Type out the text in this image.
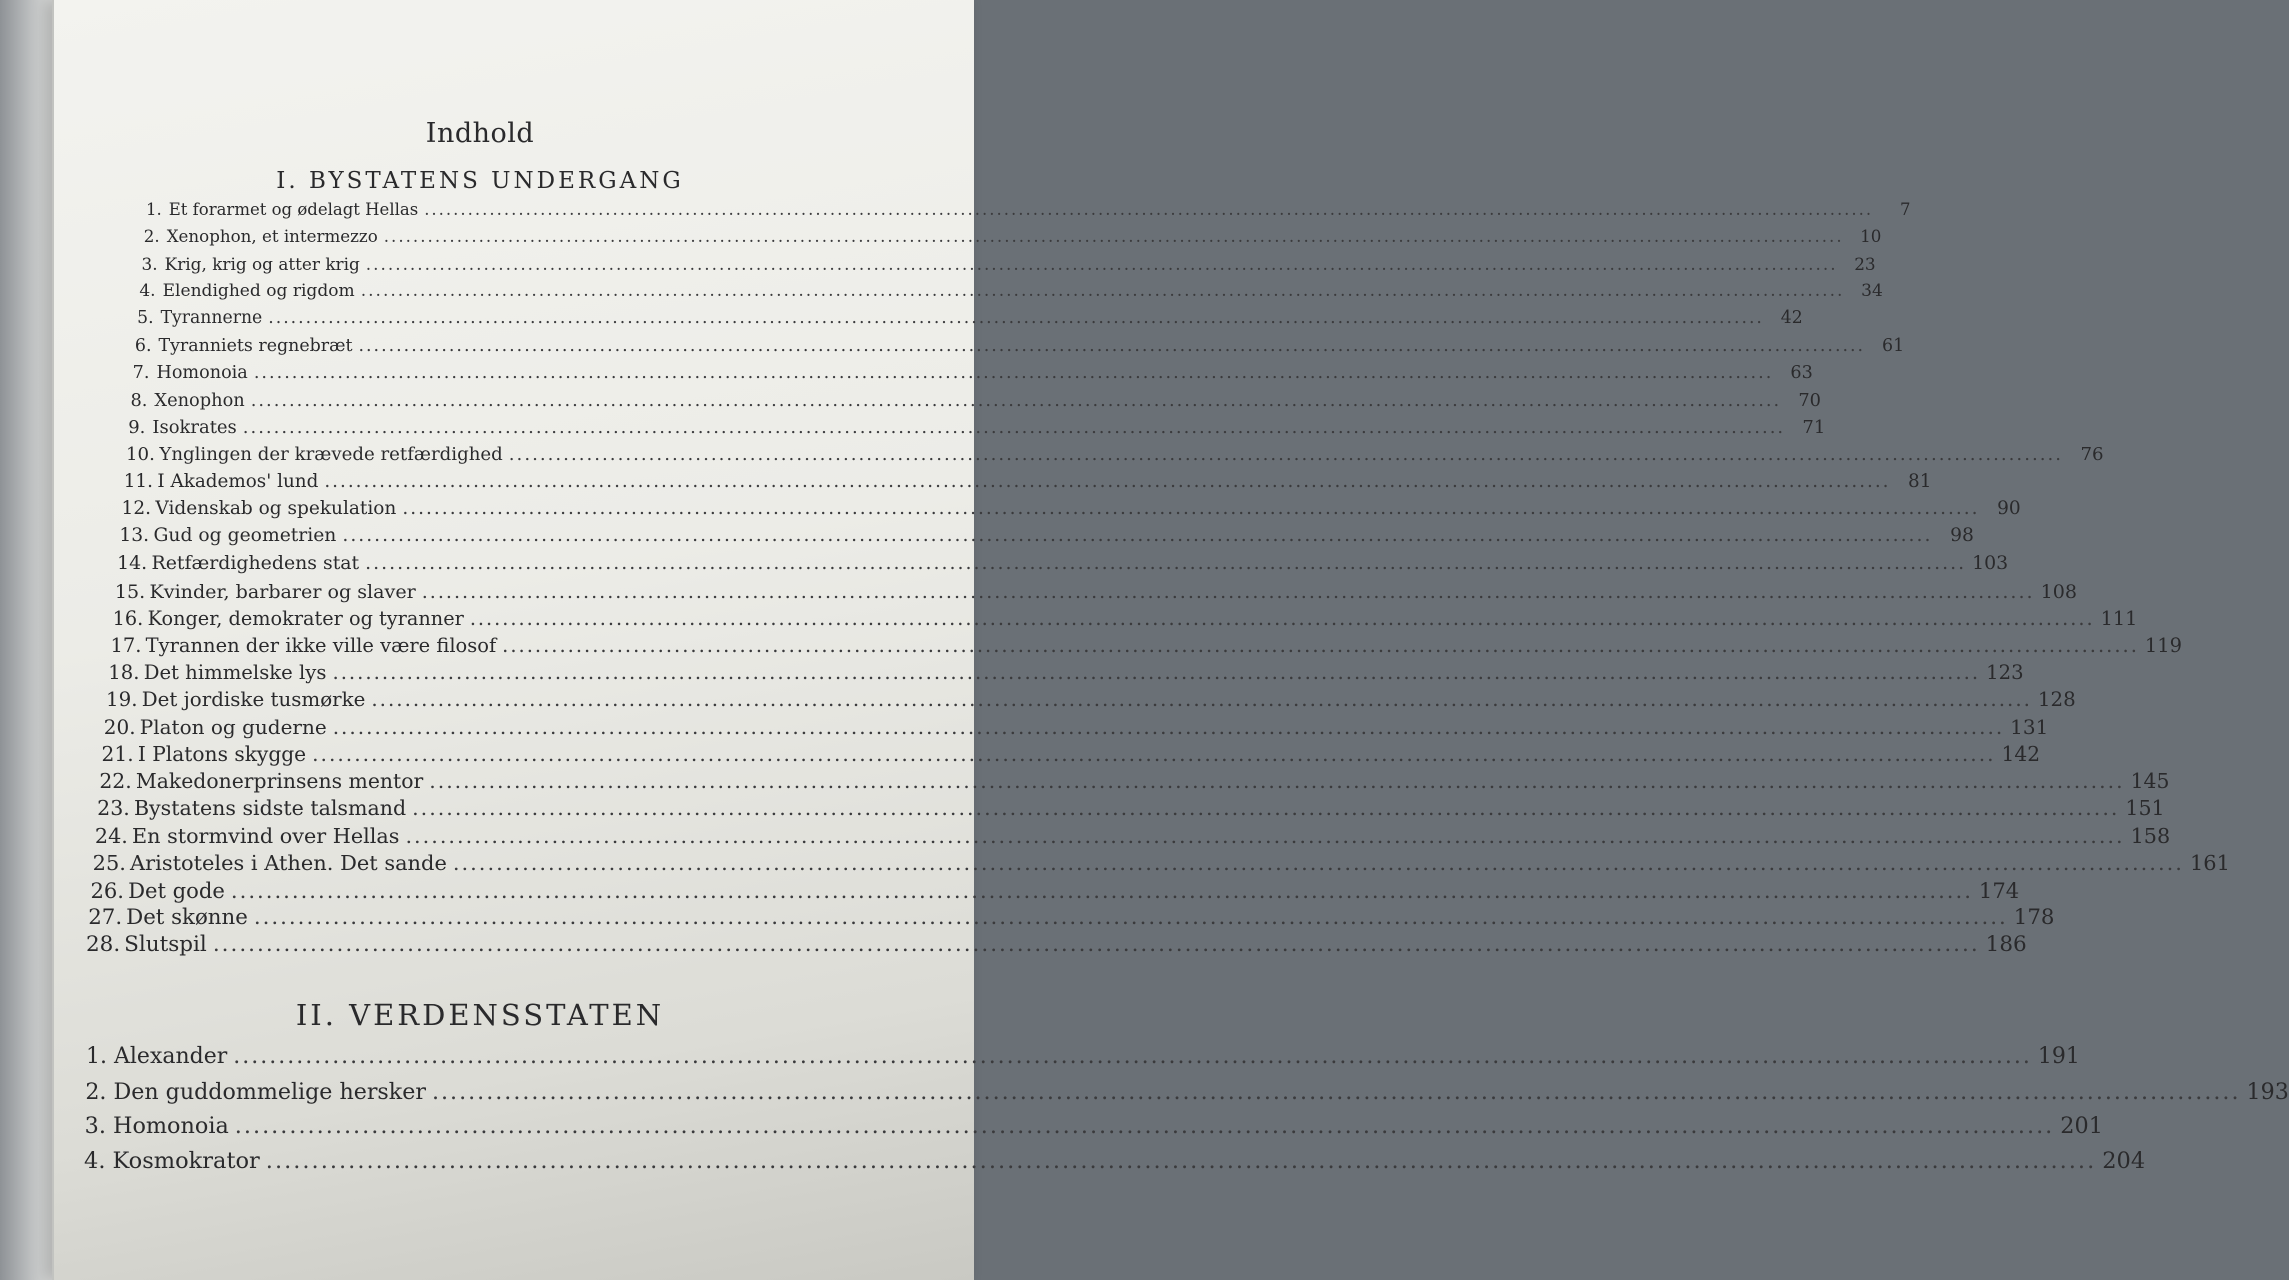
Indhold
I. BYSTATENS UNDERGANG
II. VERDENSSTATEN
1. Et forarmet og ødelagt Hellas ........................................................................................................................................................................................................	7
2. Xenophon, et intermezzo ........................................................................................................................................................................................................ 10
3. Krig, krig og atter krig ........................................................................................................................................................................................................ 23
4. Elendighed og rigdom ........................................................................................................................................................................................................ 34
5. Tyrannerne ........................................................................................................................................................................................................ 42
6. Tyranniets regnebræt ........................................................................................................................................................................................................ 61
7. Homonoia ........................................................................................................................................................................................................ 63
8. Xenophon ........................................................................................................................................................................................................ 70
9. Isokrates ........................................................................................................................................................................................................ 71
10. Ynglingen der krævede retfærdighed ........................................................................................................................................................................................................ 76
11. I Akademos' lund ........................................................................................................................................................................................................ 81
12. Videnskab og spekulation ........................................................................................................................................................................................................ 90
13. Gud og geometrien ........................................................................................................................................................................................................ 98
14. Retfærdighedens stat ........................................................................................................................................................................................................ 103
15. Kvinder, barbarer og slaver ........................................................................................................................................................................................................ 108
16. Konger, demokrater og tyranner ........................................................................................................................................................................................................ 111
17. Tyrannen der ikke ville være filosof ........................................................................................................................................................................................................ 119
18. Det himmelske lys ........................................................................................................................................................................................................ 123
19. Det jordiske tusmørke ........................................................................................................................................................................................................ 128
20. Platon og guderne ........................................................................................................................................................................................................ 131
21. I Platons skygge ........................................................................................................................................................................................................ 142
22. Makedonerprinsens mentor ........................................................................................................................................................................................................ 145
23. Bystatens sidste talsmand ........................................................................................................................................................................................................ 151
24. En stormvind over Hellas ........................................................................................................................................................................................................ 158
25. Aristoteles i Athen. Det sande ........................................................................................................................................................................................................ 161
26. Det gode ........................................................................................................................................................................................................ 174
27. Det skønne ........................................................................................................................................................................................................ 178
28. Slutspil ........................................................................................................................................................................................................ 186
1. Alexander ........................................................................................................................................................................................................ 191
2. Den guddommelige hersker ........................................................................................................................................................................................................ 193
3. Homonoia ........................................................................................................................................................................................................ 201
4. Kosmokrator ........................................................................................................................................................................................................ 204
